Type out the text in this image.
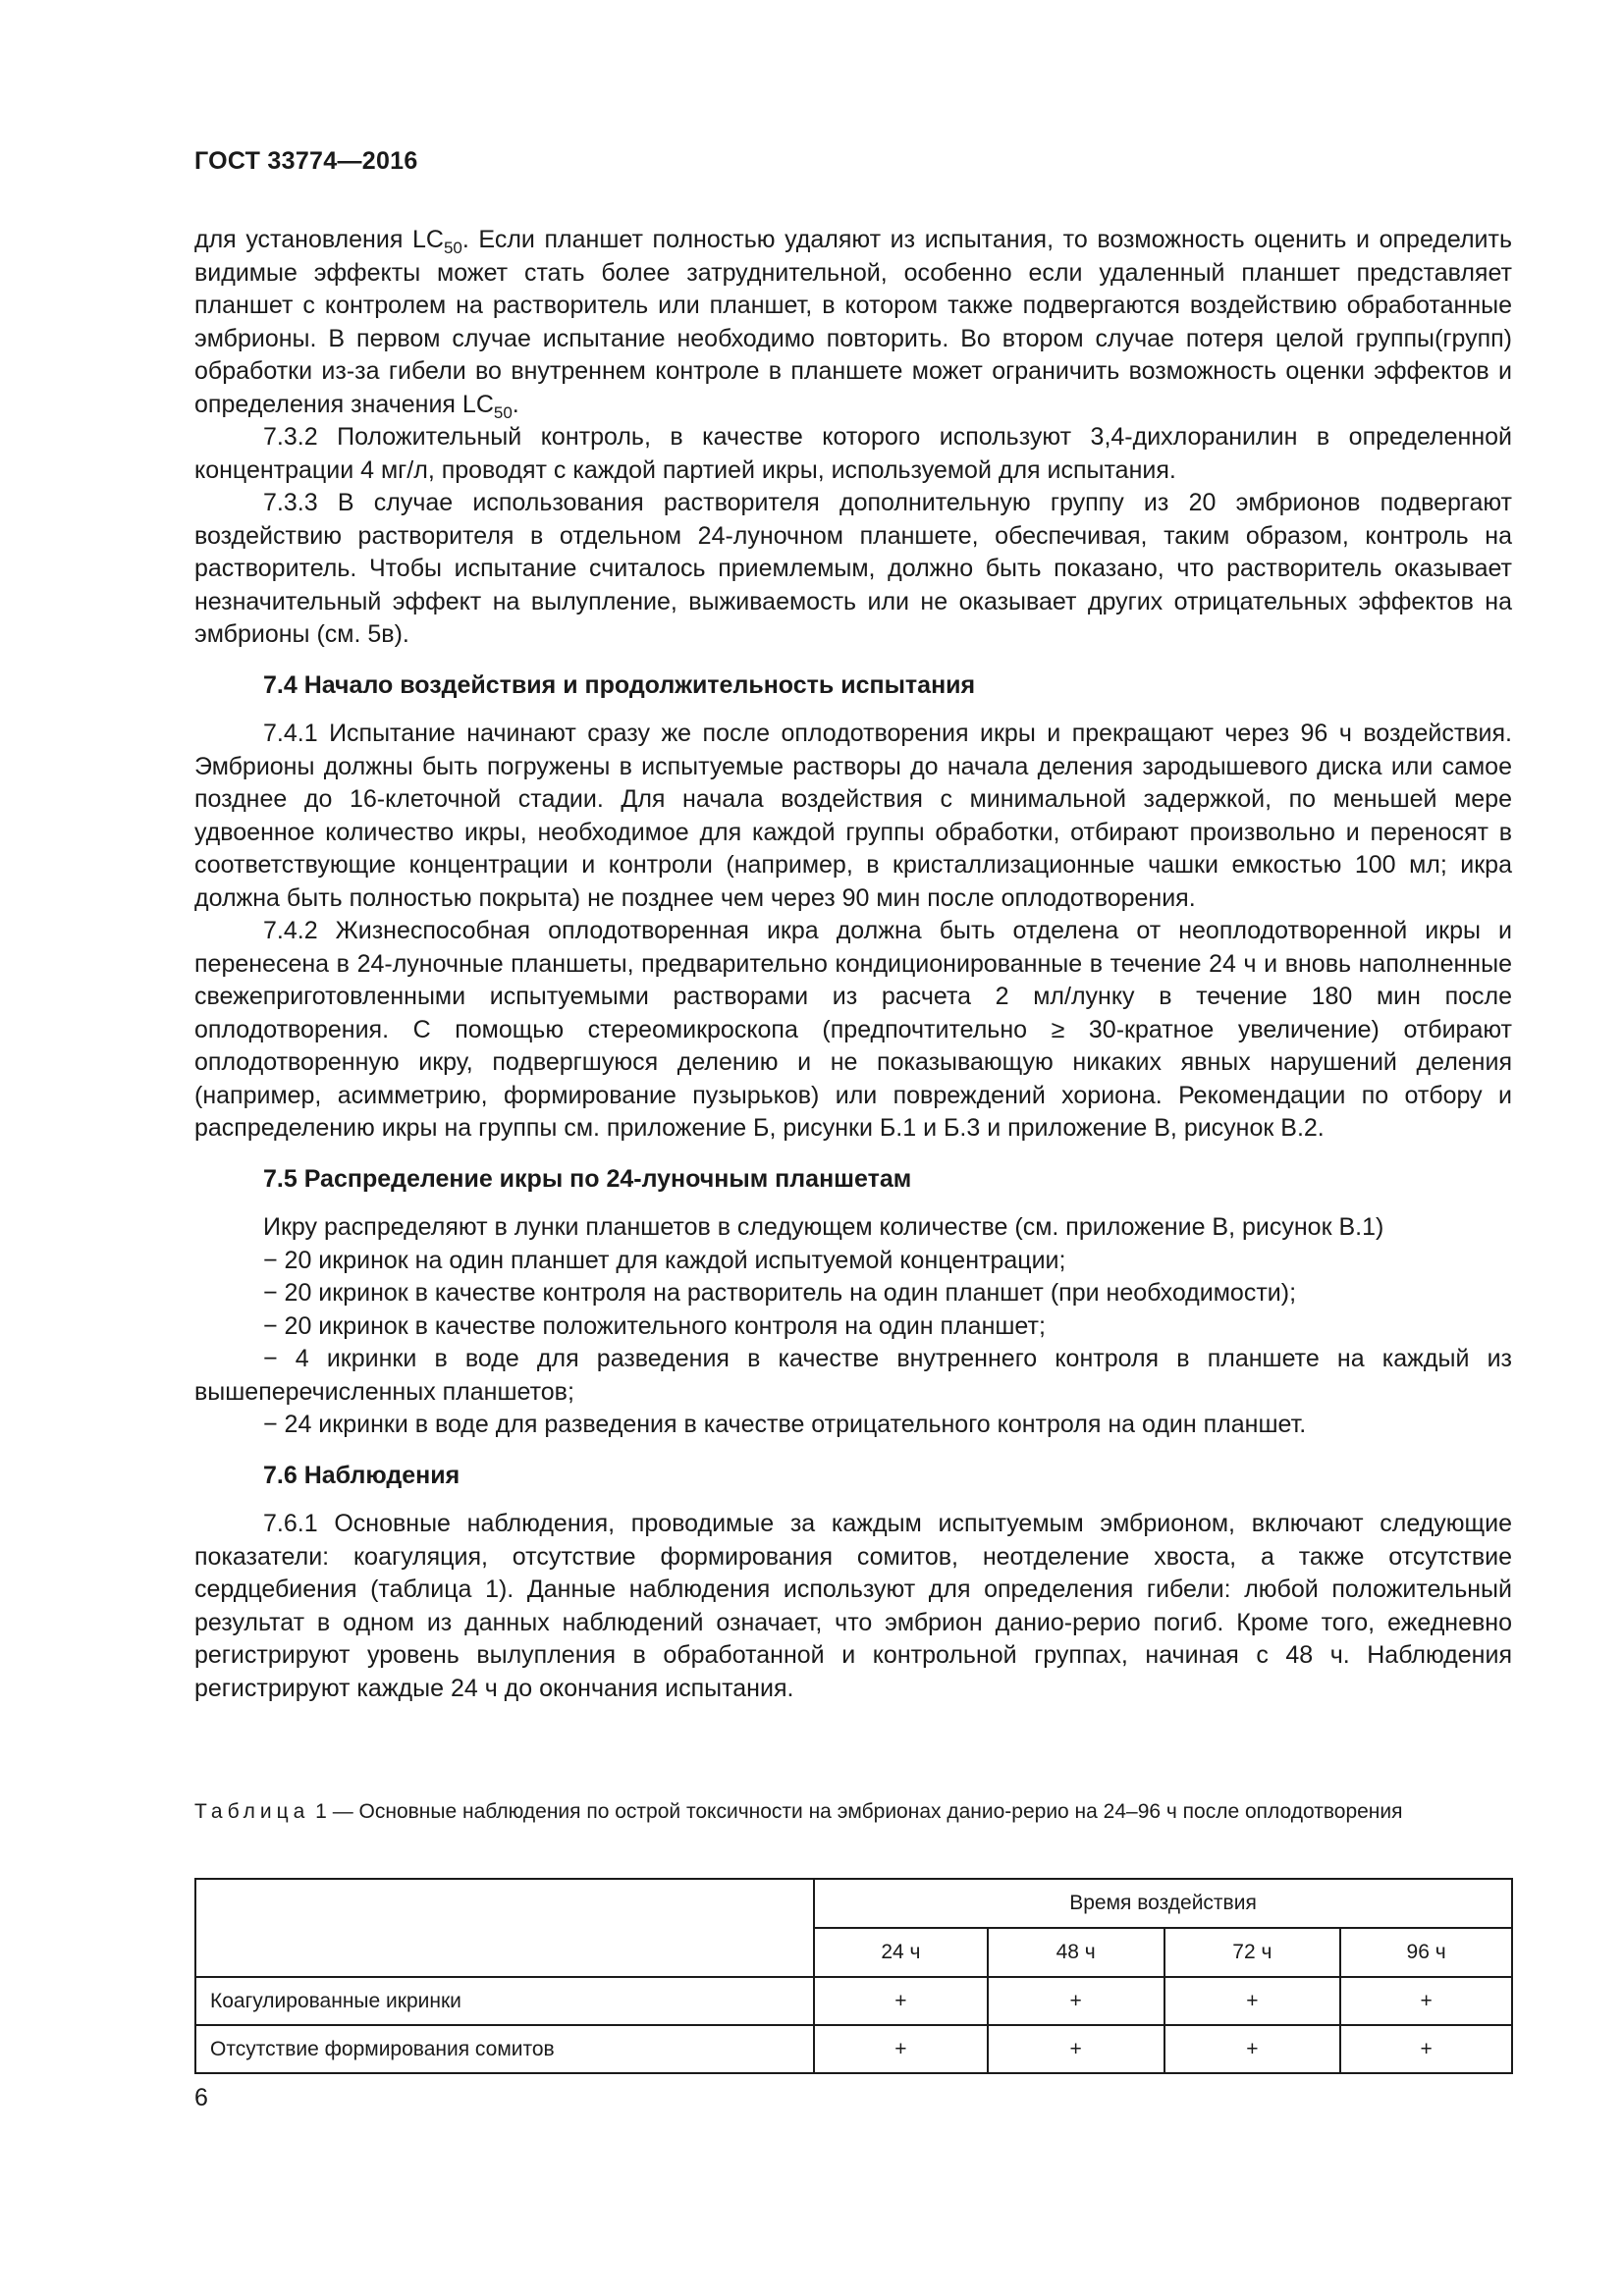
ГОСТ 33774—2016

для установления $LC_{50}$. Если планшет полностью удаляют из испытания, то возможность оценить и определить видимые эффекты может стать более затруднительной, особенно если удаленный планшет представляет планшет с контролем на растворитель или планшет, в котором также подвергаются воздействию обработанные эмбрионы. В первом случае испытание необходимо повторить. Во втором случае потеря целой группы(групп) обработки из-за гибели во внутреннем контроле в планшете может ограничить возможность оценки эффектов и определения значения $LC_{50}$.

7.3.2 Положительный контроль, в качестве которого используют 3,4-дихлоранилин в определенной концентрации 4 мг/л, проводят с каждой партией икры, используемой для испытания.

7.3.3 В случае использования растворителя дополнительную группу из 20 эмбрионов подвергают воздействию растворителя в отдельном 24-луночном планшете, обеспечивая, таким образом, контроль на растворитель. Чтобы испытание считалось приемлемым, должно быть показано, что растворитель оказывает незначительный эффект на вылупление, выживаемость или не оказывает других отрицательных эффектов на эмбрионы (см. 5в).

7.4 Начало воздействия и продолжительность испытания

7.4.1 Испытание начинают сразу же после оплодотворения икры и прекращают через 96 ч воздействия. Эмбрионы должны быть погружены в испытуемые растворы до начала деления зародышевого диска или самое позднее до 16-клеточной стадии. Для начала воздействия с минимальной задержкой, по меньшей мере удвоенное количество икры, необходимое для каждой группы обработки, отбирают произвольно и переносят в соответствующие концентрации и контроли (например, в кристаллизационные чашки емкостью 100 мл; икра должна быть полностью покрыта) не позднее чем через 90 мин после оплодотворения.

7.4.2 Жизнеспособная оплодотворенная икра должна быть отделена от неоплодотворенной икры и перенесена в 24-луночные планшеты, предварительно кондиционированные в течение 24 ч и вновь наполненные свежеприготовленными испытуемыми растворами из расчета 2 мл/лунку в течение 180 мин после оплодотворения. С помощью стереомикроскопа (предпочтительно ≥ 30-кратное увеличение) отбирают оплодотворенную икру, подвергшуюся делению и не показывающую никаких явных нарушений деления (например, асимметрию, формирование пузырьков) или повреждений хориона. Рекомендации по отбору и распределению икры на группы см. приложение Б, рисунки Б.1 и Б.3 и приложение В, рисунок В.2.

7.5 Распределение икры по 24-луночным планшетам

Икру распределяют в лунки планшетов в следующем количестве (см. приложение В, рисунок В.1)

− 20 икринок на один планшет для каждой испытуемой концентрации;

− 20 икринок в качестве контроля на растворитель на один планшет (при необходимости);

− 20 икринок в качестве положительного контроля на один планшет;

− 4 икринки в воде для разведения в качестве внутреннего контроля в планшете на каждый из вышеперечисленных планшетов;

− 24 икринки в воде для разведения в качестве отрицательного контроля на один планшет.

7.6 Наблюдения

7.6.1 Основные наблюдения, проводимые за каждым испытуемым эмбрионом, включают следующие показатели: коагуляция, отсутствие формирования сомитов, неотделение хвоста, а также отсутствие сердцебиения (таблица 1). Данные наблюдения используют для определения гибели: любой положительный результат в одном из данных наблюдений означает, что эмбрион данио-рерио погиб. Кроме того, ежедневно регистрируют уровень вылупления в обработанной и контрольной группах, начиная с 48 ч. Наблюдения регистрируют каждые 24 ч до окончания испытания.

Таблица 1 — Основные наблюдения по острой токсичности на эмбрионах данио-рерио на 24–96 ч после оплодотворения
	Время воздействия			
	24 ч	48 ч	72 ч	96 ч
Коагулированные икринки	+	+	+	+
Отсутствие формирования сомитов	+	+	+	+
6
